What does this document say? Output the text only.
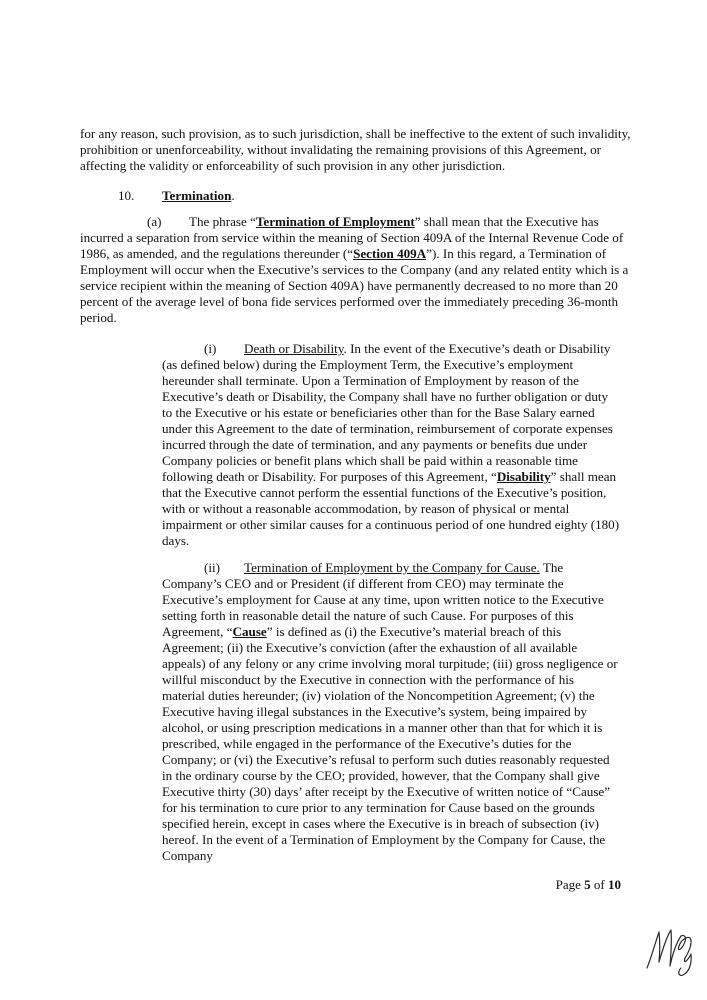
for any reason, such provision, as to such jurisdiction, shall be ineffective to the extent of such invalidity, prohibition or unenforceability, without invalidating the remaining provisions of this Agreement, or affecting the validity or enforceability of such provision in any other jurisdiction.

10. Termination.

(a) The phrase “Termination of Employment” shall mean that the Executive has incurred a separation from service within the meaning of Section 409A of the Internal Revenue Code of 1986, as amended, and the regulations thereunder (“Section 409A”). In this regard, a Termination of Employment will occur when the Executive’s services to the Company (and any related entity which is a service recipient within the meaning of Section 409A) have permanently decreased to no more than 20 percent of the average level of bona fide services performed over the immediately preceding 36-month period.

(i) Death or Disability. In the event of the Executive’s death or Disability (as defined below) during the Employment Term, the Executive’s employment hereunder shall terminate. Upon a Termination of Employment by reason of the Executive’s death or Disability, the Company shall have no further obligation or duty to the Executive or his estate or beneficiaries other than for the Base Salary earned under this Agreement to the date of termination, reimbursement of corporate expenses incurred through the date of termination, and any payments or benefits due under Company policies or benefit plans which shall be paid within a reasonable time following death or Disability. For purposes of this Agreement, “Disability” shall mean that the Executive cannot perform the essential functions of the Executive’s position, with or without a reasonable accommodation, by reason of physical or mental impairment or other similar causes for a continuous period of one hundred eighty (180) days.

(ii) Termination of Employment by the Company for Cause. The Company’s CEO and or President (if different from CEO) may terminate the Executive’s employment for Cause at any time, upon written notice to the Executive setting forth in reasonable detail the nature of such Cause. For purposes of this Agreement, “Cause” is defined as (i) the Executive’s material breach of this Agreement; (ii) the Executive’s conviction (after the exhaustion of all available appeals) of any felony or any crime involving moral turpitude; (iii) gross negligence or willful misconduct by the Executive in connection with the performance of his material duties hereunder; (iv) violation of the Noncompetition Agreement; (v) the Executive having illegal substances in the Executive’s system, being impaired by alcohol, or using prescription medications in a manner other than that for which it is prescribed, while engaged in the performance of the Executive’s duties for the Company; or (vi) the Executive’s refusal to perform such duties reasonably requested in the ordinary course by the CEO; provided, however, that the Company shall give Executive thirty (30) days’ after receipt by the Executive of written notice of “Cause” for his termination to cure prior to any termination for Cause based on the grounds specified herein, except in cases where the Executive is in breach of subsection (iv) hereof. In the event of a Termination of Employment by the Company for Cause, the Company

Page 5 of 10
